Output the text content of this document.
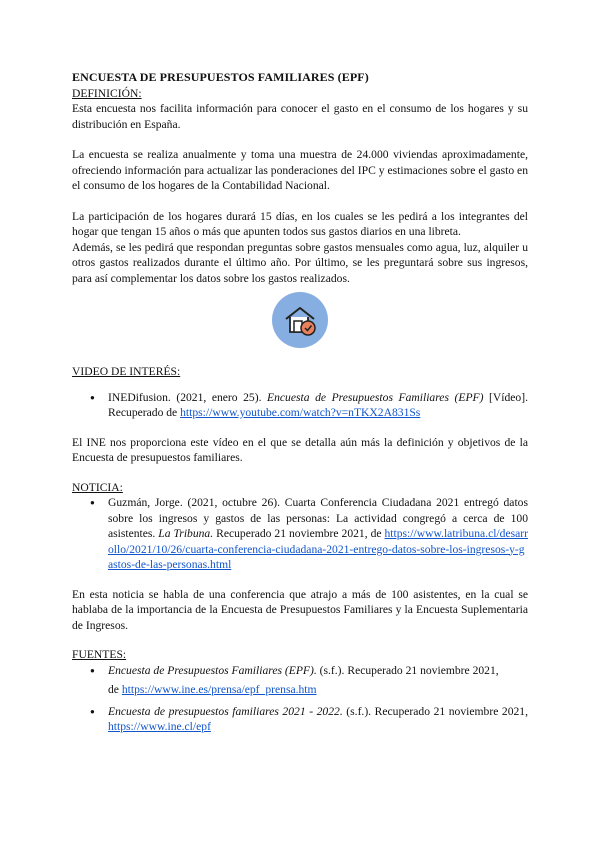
ENCUESTA DE PRESUPUESTOS FAMILIARES (EPF)

DEFINICIÓN:

Esta encuesta nos facilita información para conocer el gasto en el consumo de los hogares y su distribución en España.

La encuesta se realiza anualmente y toma una muestra de 24.000 viviendas aproximadamente, ofreciendo información para actualizar las ponderaciones del IPC y estimaciones sobre el gasto en el consumo de los hogares de la Contabilidad Nacional.

La participación de los hogares durará 15 días, en los cuales se les pedirá a los integrantes del hogar que tengan 15 años o más que apunten todos sus gastos diarios en una libreta.

Además, se les pedirá que respondan preguntas sobre gastos mensuales como agua, luz, alquiler u otros gastos realizados durante el último año. Por último, se les preguntará sobre sus ingresos, para así complementar los datos sobre los gastos realizados.

VIDEO DE INTERÉS:

● INEDifusion. (2021, enero 25). Encuesta de Presupuestos Familiares (EPF) [Vídeo]. Recuperado de https://www.youtube.com/watch?v=nTKX2A831Ss

El INE nos proporciona este vídeo en el que se detalla aún más la definición y objetivos de la Encuesta de presupuestos familiares.

NOTICIA:

● Guzmán, Jorge. (2021, octubre 26). Cuarta Conferencia Ciudadana 2021 entregó datos sobre los ingresos y gastos de las personas: La actividad congregó a cerca de 100 asistentes. La Tribuna. Recuperado 21 noviembre 2021, de https://www.latribuna.cl/desarrollo/2021/10/26/cuarta-conferencia-ciudadana-2021-entrego-datos-sobre-los-ingresos-y-gastos-de-las-personas.html

En esta noticia se habla de una conferencia que atrajo a más de 100 asistentes, en la cual se hablaba de la importancia de la Encuesta de Presupuestos Familiares y la Encuesta Suplementaria de Ingresos.

FUENTES:

● Encuesta de Presupuestos Familiares (EPF). (s.f.). Recuperado 21 noviembre 2021,
de https://www.ine.es/prensa/epf_prensa.htm
● Encuesta de presupuestos familiares 2021 - 2022. (s.f.). Recuperado 21 noviembre 2021, https://www.ine.cl/epf
